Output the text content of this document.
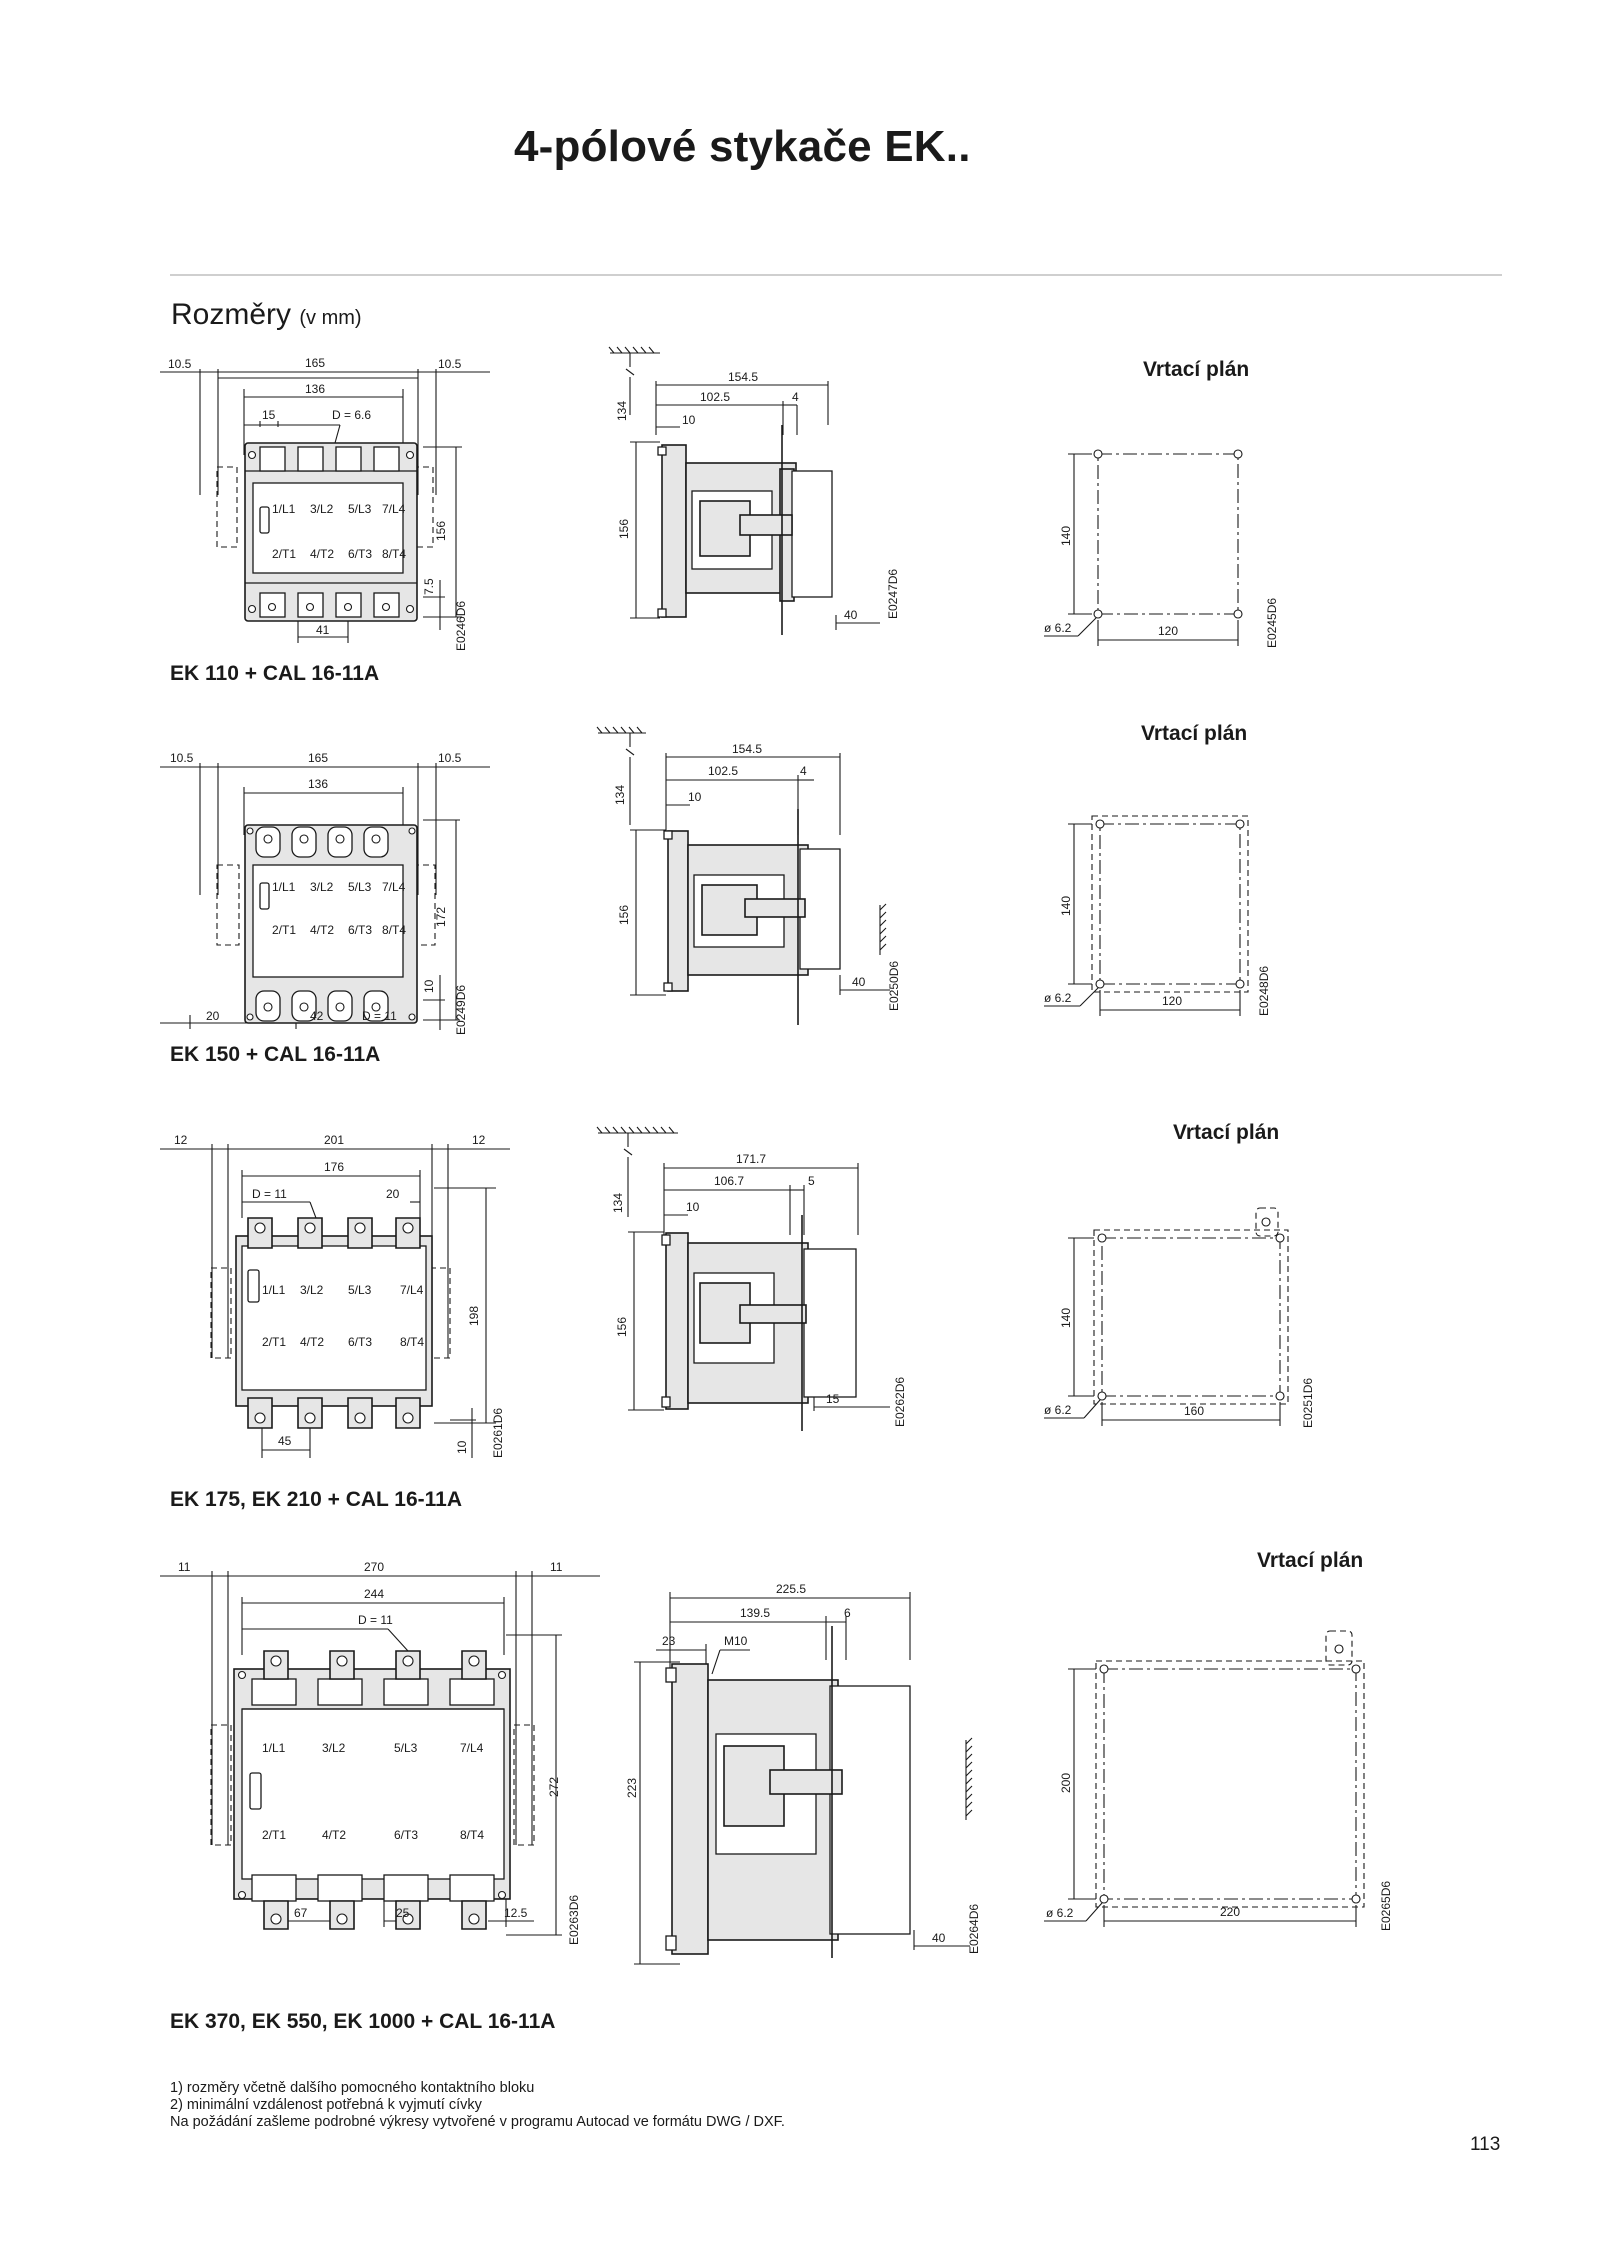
4-pólové stykače EK..
Rozměry (v mm)
10.5	165	10.5
136
15	D = 6.6
1/L1 3/L2 5/L3 7/L4
2/T1 4/T2 6/T3 8/T4
156
7.5
41	E0246D6
154.5
102.5	4
10
134
156
40 E0247D6
Vrtací plán
140
120
ø 6.2	E0245D6
EK 110 + CAL 16-11A
10.5	165	10.5
136
1/L1 3/L2 5/L3 7/L4
2/T1 4/T2 6/T3 8/T4
172
10
20	42	D = 11	E0249D6
154.5
102.5	4
10
134
156
40 E0250D6
Vrtací plán
140
120
ø 6.2	E0248D6
EK 150 + CAL 16-11A
12	201	12
176
D = 11	20
1/L1 3/L2 5/L3 7/L4
2/T1 4/T2 6/T3 8/T4
198
10
45	E0261D6
171.7
106.7	5
10
134
156
15	E0262D6
Vrtací plán
140
160
ø 6.2	E0251D6
EK 175, EK 210 + CAL 16-11A
11	270	11
244
D = 11
1/L1	3/L2	5/L3	7/L4
2/T1	4/T2	6/T3	8/T4
272
67	25	12.5	E0263D6
225.5
139.5	6
23	M10
223
40 E0264D6
Vrtací plán
200
220
ø 6.2	E0265D6
EK 370, EK 550, EK 1000 + CAL 16-11A
1) rozměry včetně dalšího pomocného kontaktního bloku
2) minimální vzdálenost potřebná k vyjmutí cívky
Na požádání zašleme podrobné výkresy vytvořené v programu Autocad ve formátu DWG / DXF.
113
